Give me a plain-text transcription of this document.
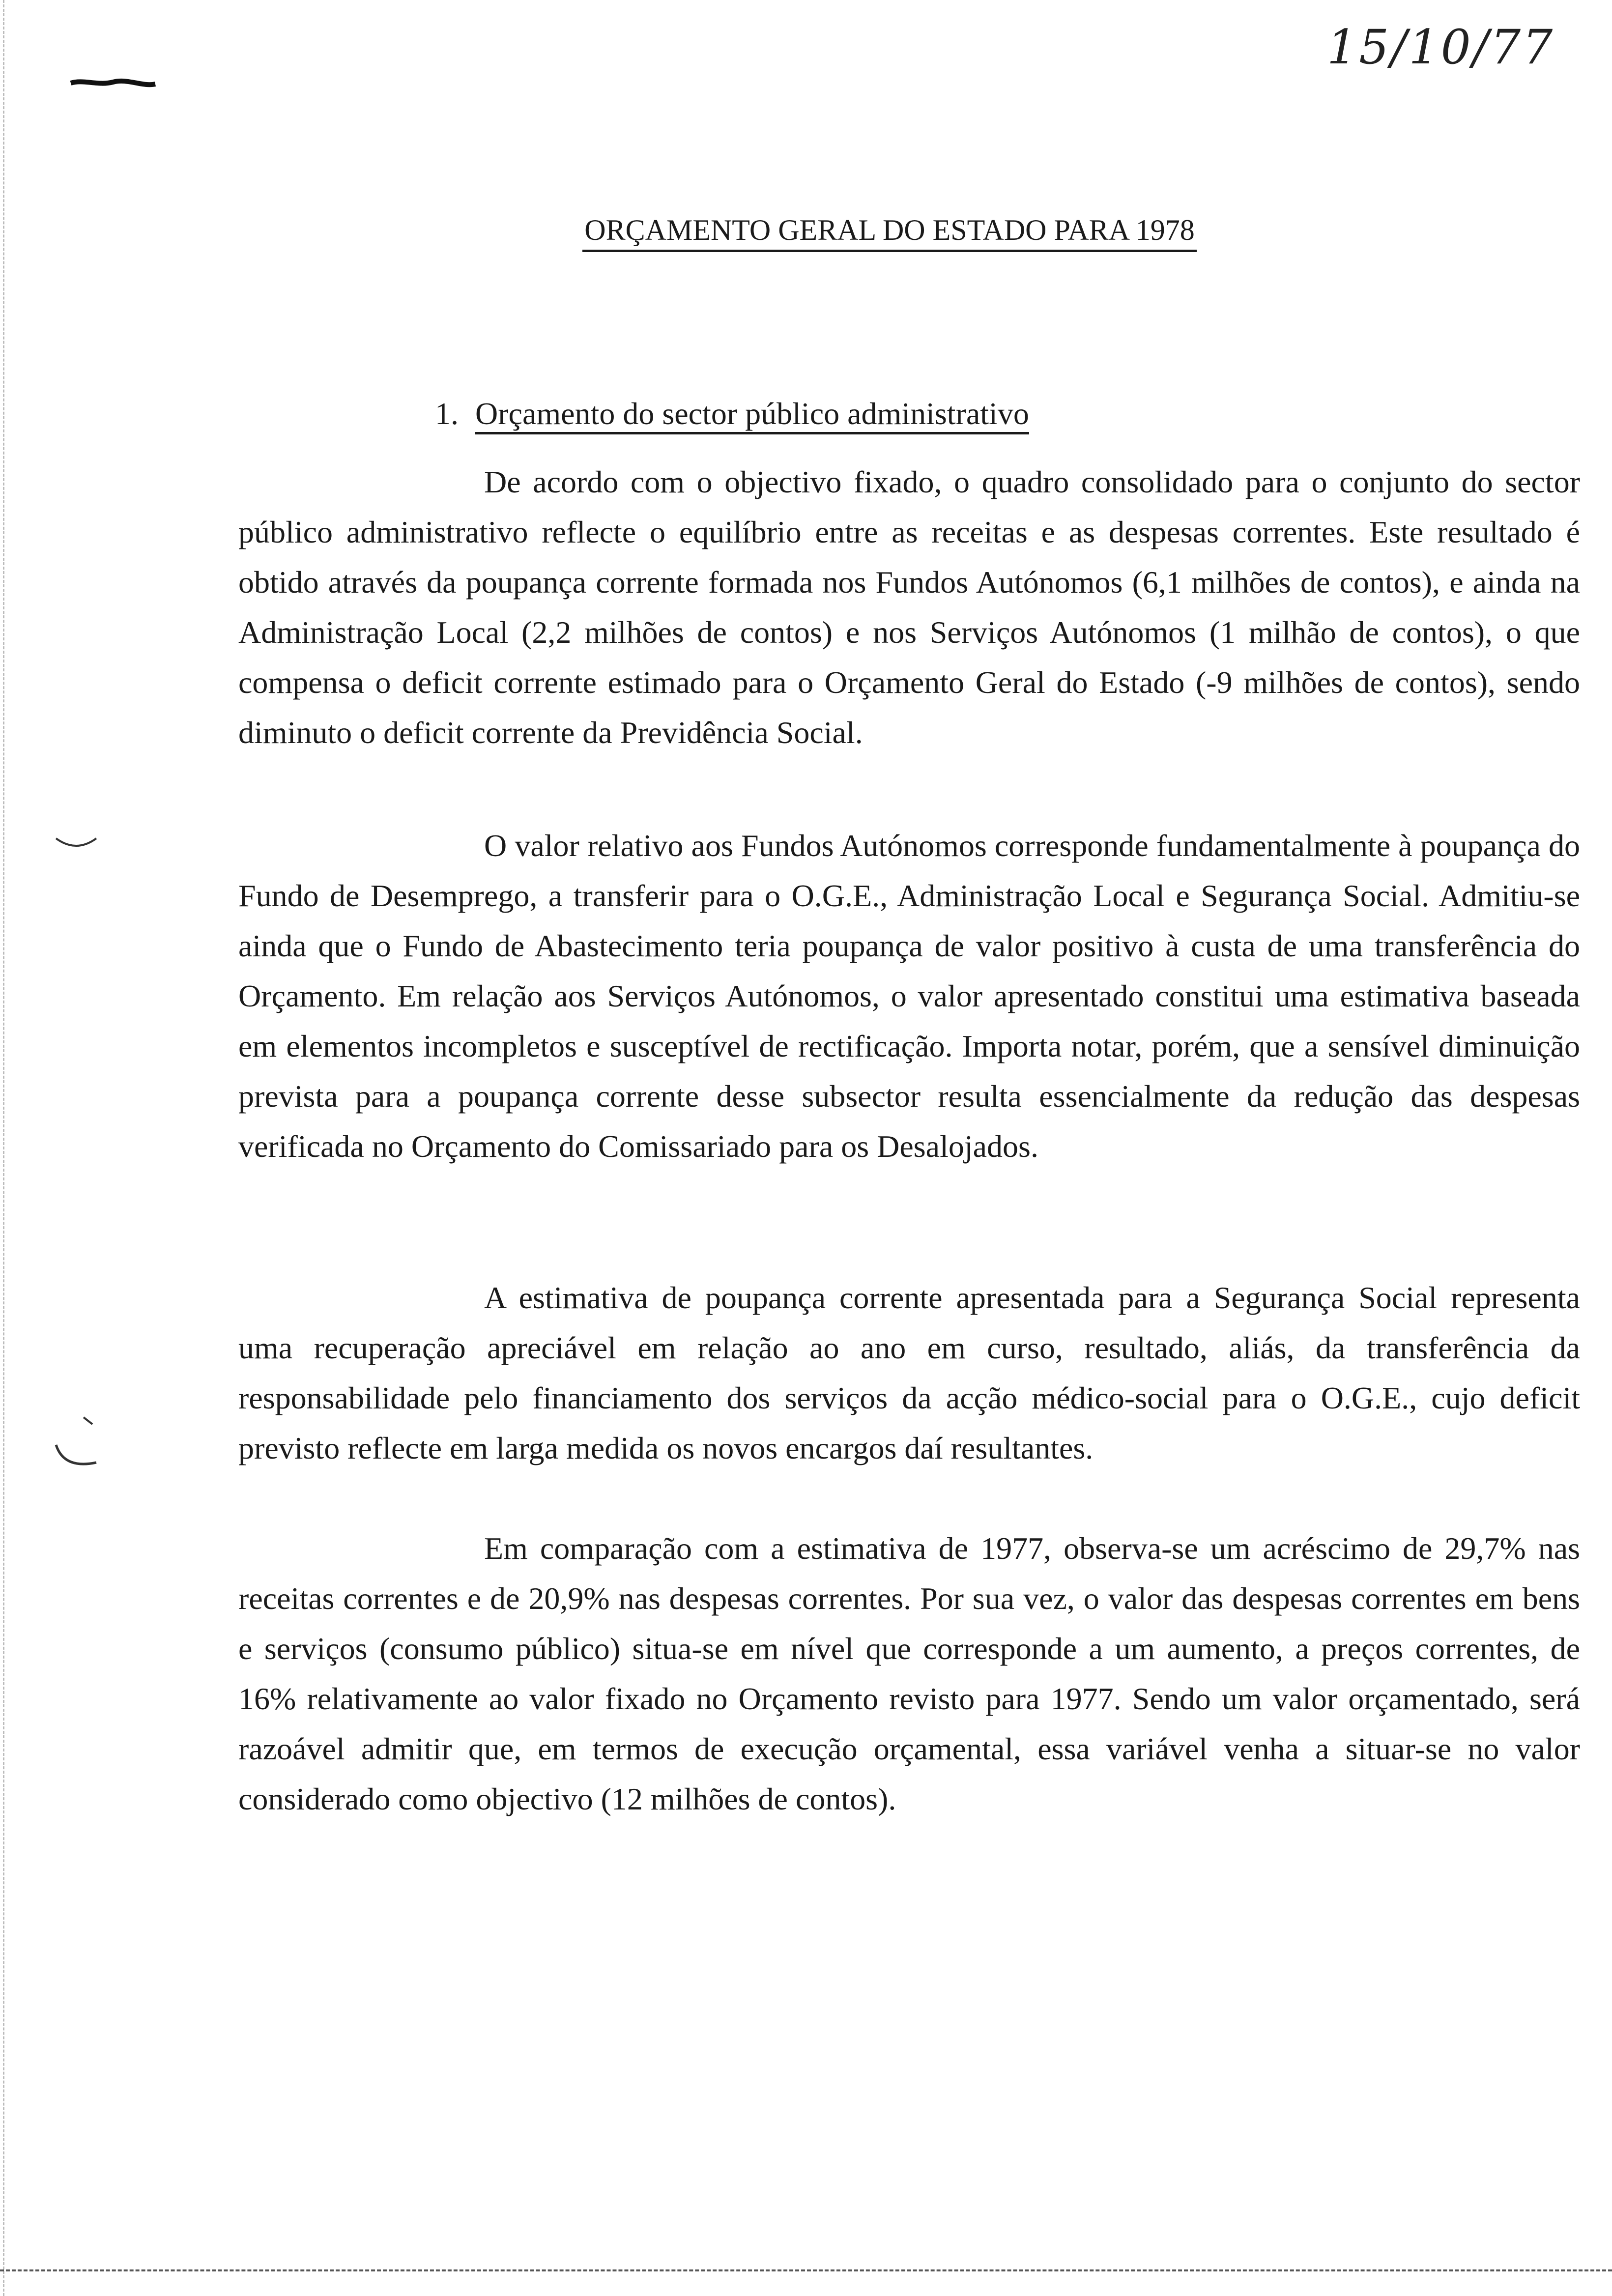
15/10/77
ORÇAMENTO GERAL DO ESTADO PARA 1978
1. Orçamento do sector público administrativo

De acordo com o objectivo fixado, o quadro consolidado para o conjunto do sector público administrativo reflecte o equilíbrio entre as receitas e as despesas correntes. Este resultado é obtido através da poupança corrente formada nos Fundos Autónomos (6,1 milhões de contos), e ainda na Administração Local (2,2 milhões de contos) e nos Serviços Autónomos (1 milhão de contos), o que compensa o deficit corrente estimado para o Orçamento Geral do Estado (-9 milhões de contos), sendo diminuto o deficit corrente da Previdência Social.

O valor relativo aos Fundos Autónomos corresponde fundamentalmente à poupança do Fundo de Desemprego, a transferir para o O.G.E., Administração Local e Segurança Social. Admitiu-se ainda que o Fundo de Abastecimento teria poupança de valor positivo à custa de uma transferência do Orçamento. Em relação aos Serviços Autónomos, o valor apresentado constitui uma estimativa baseada em elementos incompletos e susceptível de rectificação. Importa notar, porém, que a sensível diminuição prevista para a poupança corrente desse subsector resulta essencialmente da redução das despesas verificada no Orçamento do Comissariado para os Desalojados.

A estimativa de poupança corrente apresentada para a Segurança Social representa uma recuperação apreciável em relação ao ano em curso, resultado, aliás, da transferência da responsabilidade pelo financiamento dos serviços da acção médico-social para o O.G.E., cujo deficit previsto reflecte em larga medida os novos encargos daí resultantes.

Em comparação com a estimativa de 1977, observa-se um acréscimo de 29,7% nas receitas correntes e de 20,9% nas despesas correntes. Por sua vez, o valor das despesas correntes em bens e serviços (consumo público) situa-se em nível que corresponde a um aumento, a preços correntes, de 16% relativamente ao valor fixado no Orçamento revisto para 1977. Sendo um valor orçamentado, será razoável admitir que, em termos de execução orçamental, essa variável venha a situar-se no valor considerado como objectivo (12 milhões de contos).
